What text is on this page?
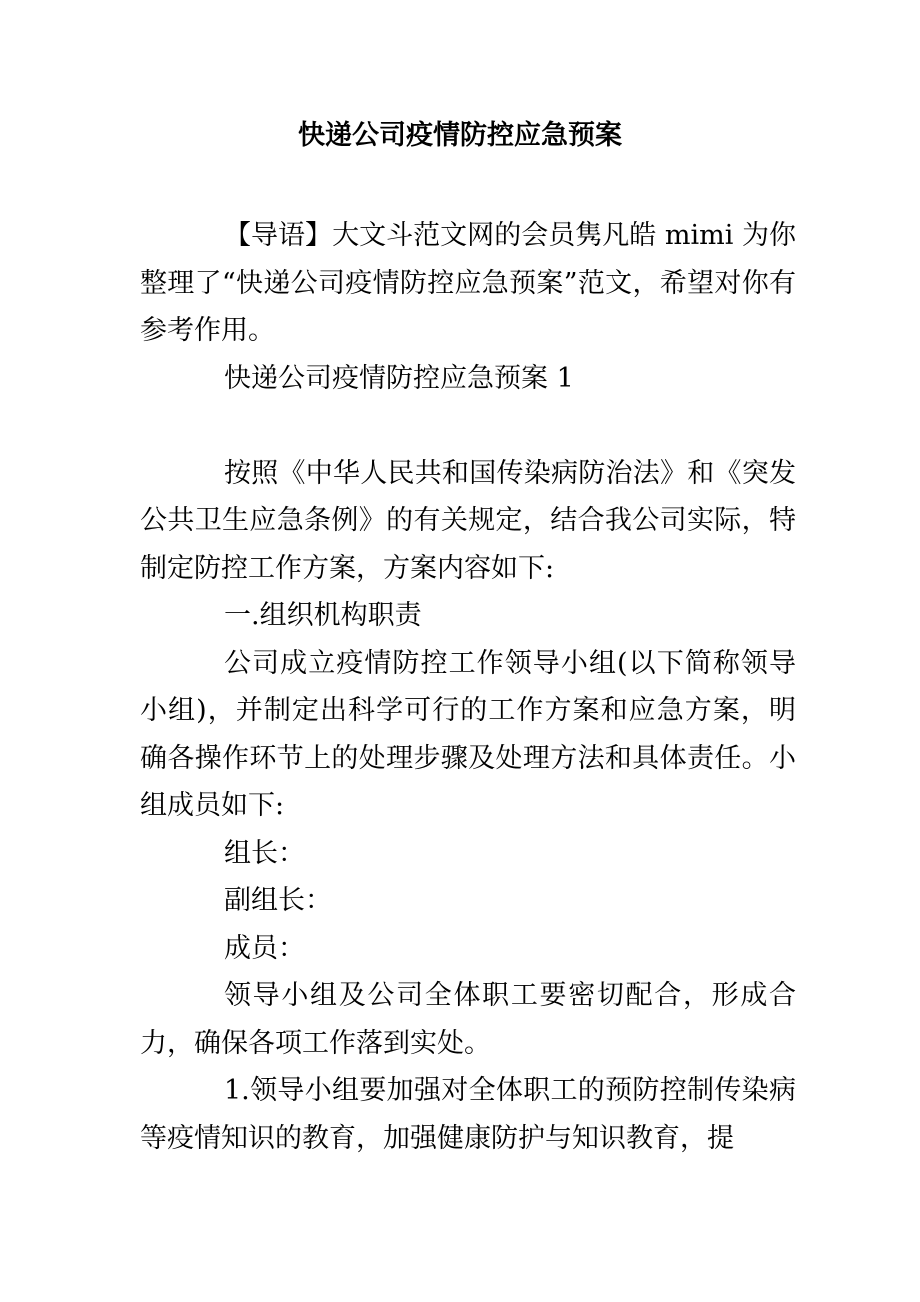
快递公司疫情防控应急预案

【导语】大文斗范文网的会员隽凡皓 mimi 为你整理了“快递公司疫情防控应急预案”范文，希望对你有参考作用。

快递公司疫情防控应急预案 1

按照《中华人民共和国传染病防治法》和《突发公共卫生应急条例》的有关规定，结合我公司实际，特制定防控工作方案，方案内容如下:

一.组织机构职责

公司成立疫情防控工作领导小组(以下简称领导小组)，并制定出科学可行的工作方案和应急方案，明确各操作环节上的处理步骤及处理方法和具体责任。小组成员如下:

组长：

副组长：

成员：

领导小组及公司全体职工要密切配合，形成合力，确保各项工作落到实处。

1.领导小组要加强对全体职工的预防控制传染病等疫情知识的教育，加强健康防护与知识教育，提
